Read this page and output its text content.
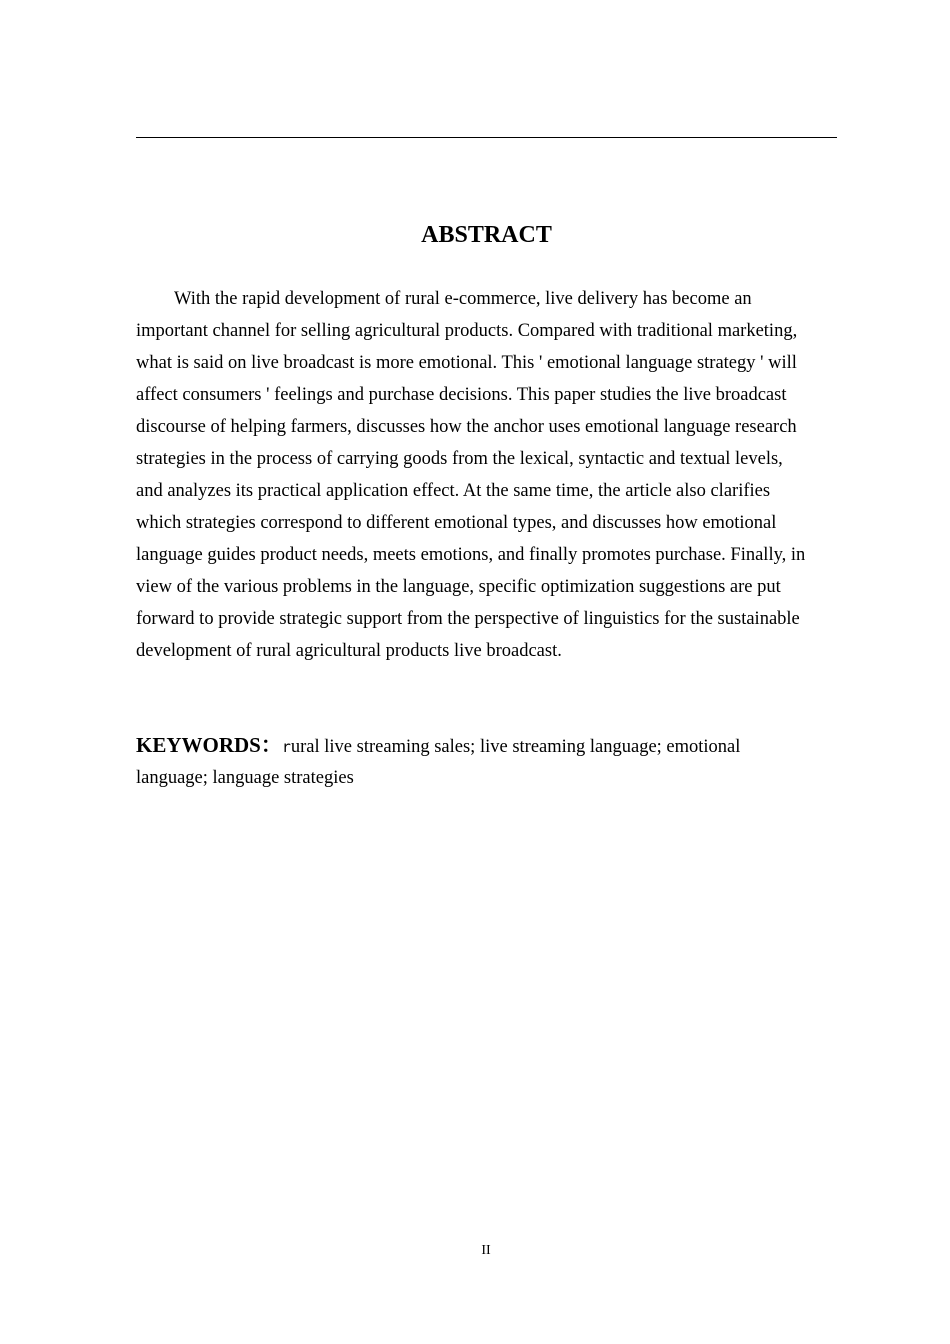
ABSTRACT

With the rapid development of rural e-commerce, live delivery has become an
important channel for selling agricultural products. Compared with traditional marketing,
what is said on live broadcast is more emotional. This ' emotional language strategy ' will
affect consumers ' feelings and purchase decisions. This paper studies the live broadcast
discourse of helping farmers, discusses how the anchor uses emotional language research
strategies in the process of carrying goods from the lexical, syntactic and textual levels,
and analyzes its practical application effect. At the same time, the article also clarifies
which strategies correspond to different emotional types, and discusses how emotional
language guides product needs, meets emotions, and finally promotes purchase. Finally, in
view of the various problems in the language, specific optimization suggestions are put
forward to provide strategic support from the perspective of linguistics for the sustainable
development of rural agricultural products live broadcast.

KEYWORDS：rural live streaming sales; live streaming language; emotional
language; language strategies
II
